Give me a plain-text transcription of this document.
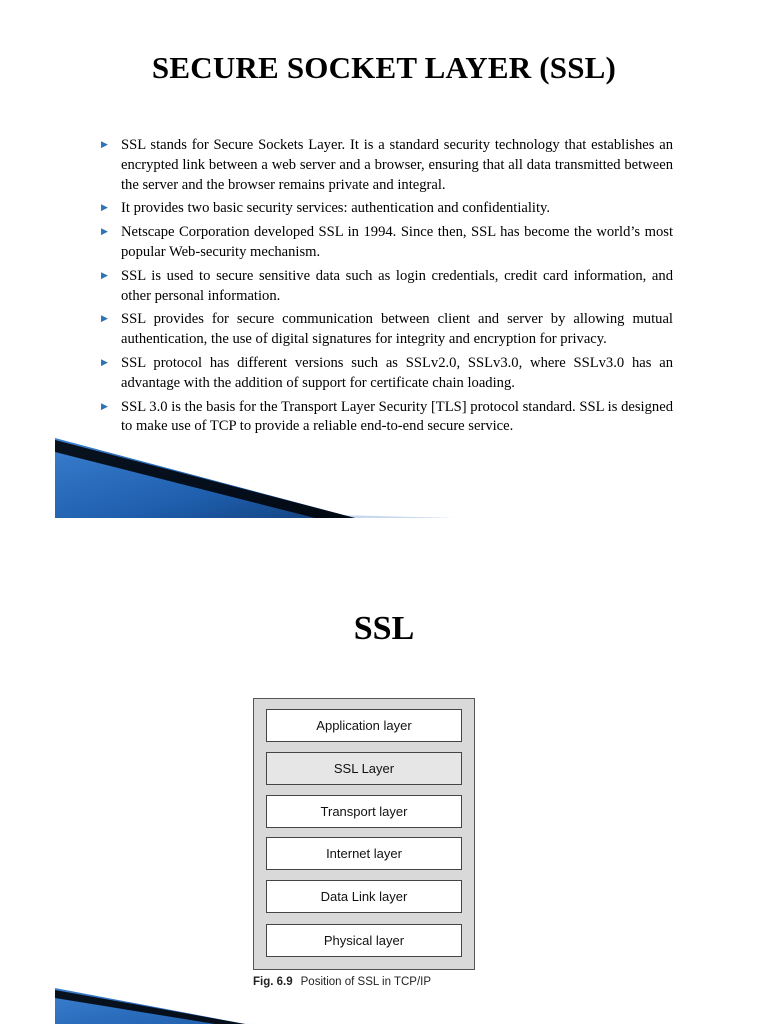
SECURE SOCKET LAYER (SSL)
▶ SSL stands for Secure Sockets Layer. It is a standard security technology that establishes an encrypted link between a web server and a browser, ensuring that all data transmitted between the server and the browser remains private and integral.
▶ It provides two basic security services: authentication and confidentiality.
▶ Netscape Corporation developed SSL in 1994. Since then, SSL has become the world’s most popular Web-security mechanism.
▶ SSL is used to secure sensitive data such as login credentials, credit card information, and other personal information.
▶ SSL provides for secure communication between client and server by allowing mutual authentication, the use of digital signatures for integrity and encryption for privacy.
▶ SSL protocol has different versions such as SSLv2.0, SSLv3.0, where SSLv3.0 has an advantage with the addition of support for certificate chain loading.
▶ SSL 3.0 is the basis for the Transport Layer Security [TLS] protocol standard. SSL is designed to make use of TCP to provide a reliable end-to-end secure service.
SSL
Application layer
SSL Layer
Transport layer
Internet layer
Data Link layer
Physical layer
Fig. 6.9 Position of SSL in TCP/IP
